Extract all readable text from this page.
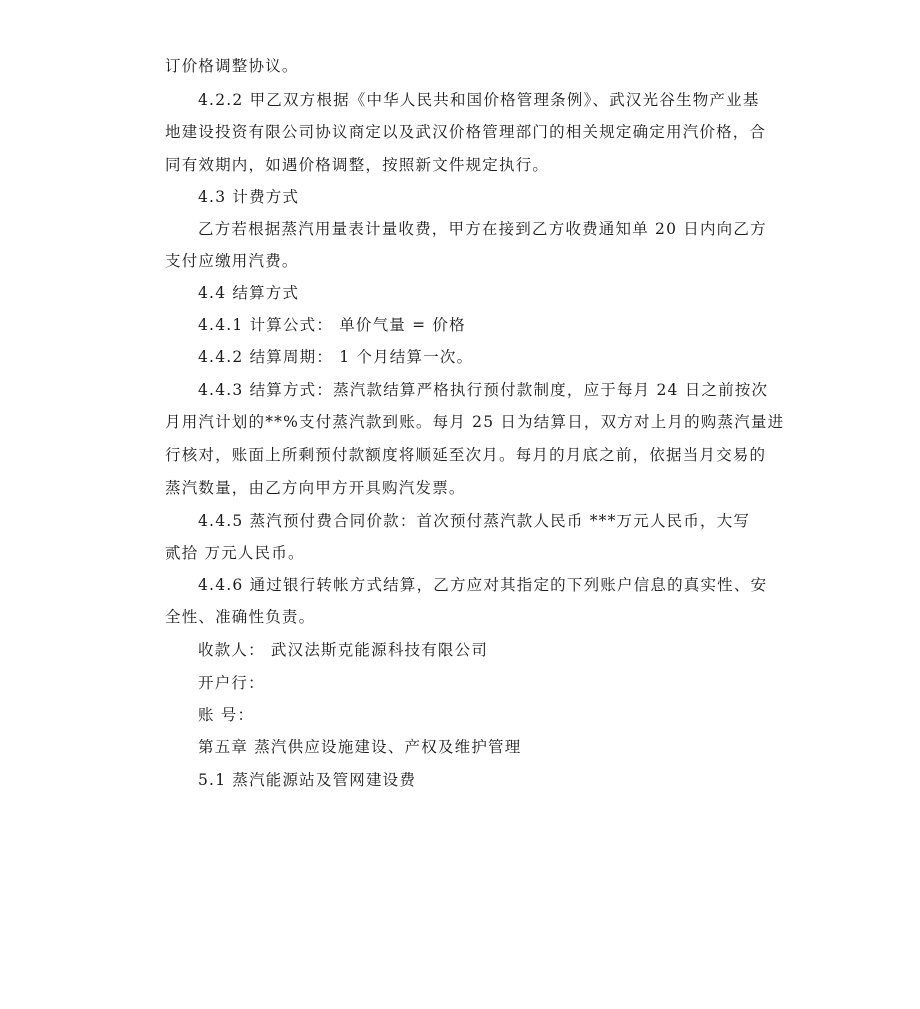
订价格调整协议。
4.2.2 甲乙双方根据《中华人民共和国价格管理条例》、武汉光谷生物产业基
地建设投资有限公司协议商定以及武汉价格管理部门的相关规定确定用汽价格，合
同有效期内，如遇价格调整，按照新文件规定执行。
4.3 计费方式
乙方若根据蒸汽用量表计量收费，甲方在接到乙方收费通知单 20 日内向乙方
支付应缴用汽费。
4.4 结算方式
4.4.1 计算公式： 单价气量 = 价格
4.4.2 结算周期： 1 个月结算一次。
4.4.3 结算方式：蒸汽款结算严格执行预付款制度，应于每月 24 日之前按次
月用汽计划的**%支付蒸汽款到账。每月 25 日为结算日，双方对上月的购蒸汽量进
行核对，账面上所剩预付款额度将顺延至次月。每月的月底之前，依据当月交易的
蒸汽数量，由乙方向甲方开具购汽发票。
4.4.5 蒸汽预付费合同价款：首次预付蒸汽款人民币 ***万元人民币，大写
贰拾 万元人民币。
4.4.6 通过银行转帐方式结算，乙方应对其指定的下列账户信息的真实性、安
全性、准确性负责。
收款人： 武汉法斯克能源科技有限公司
开户行：
账 号：
第五章 蒸汽供应设施建设、产权及维护管理
5.1 蒸汽能源站及管网建设费
